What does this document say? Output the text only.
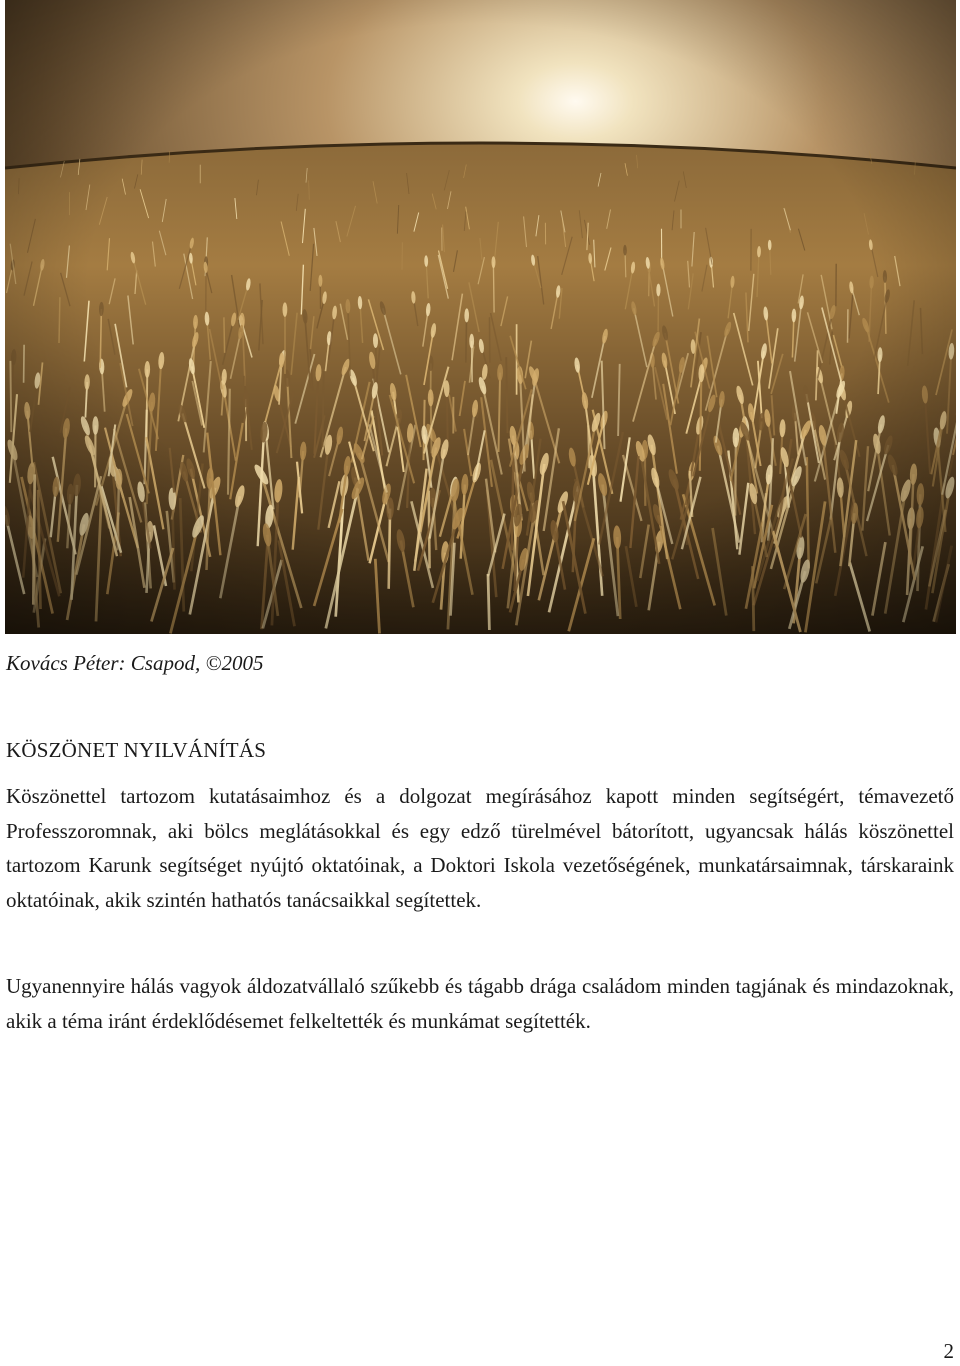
Kovács Péter: Csapod, ©2005
KÖSZÖNET NYILVÁNÍTÁS

Köszönettel tartozom kutatásaimhoz és a dolgozat megírásához kapott minden segítségért, témavezető Professzoromnak, aki bölcs meglátásokkal és egy edző türelmével bátorított, ugyancsak hálás köszönettel tartozom Karunk segítséget nyújtó oktatóinak, a Doktori Iskola vezetőségének, munkatársaimnak, társkaraink oktatóinak, akik szintén hathatós tanácsaikkal segítettek.

Ugyanennyire hálás vagyok áldozatvállaló szűkebb és tágabb drága családom minden tagjának és mindazoknak, akik a téma iránt érdeklődésemet felkeltették és munkámat segítették.

2
